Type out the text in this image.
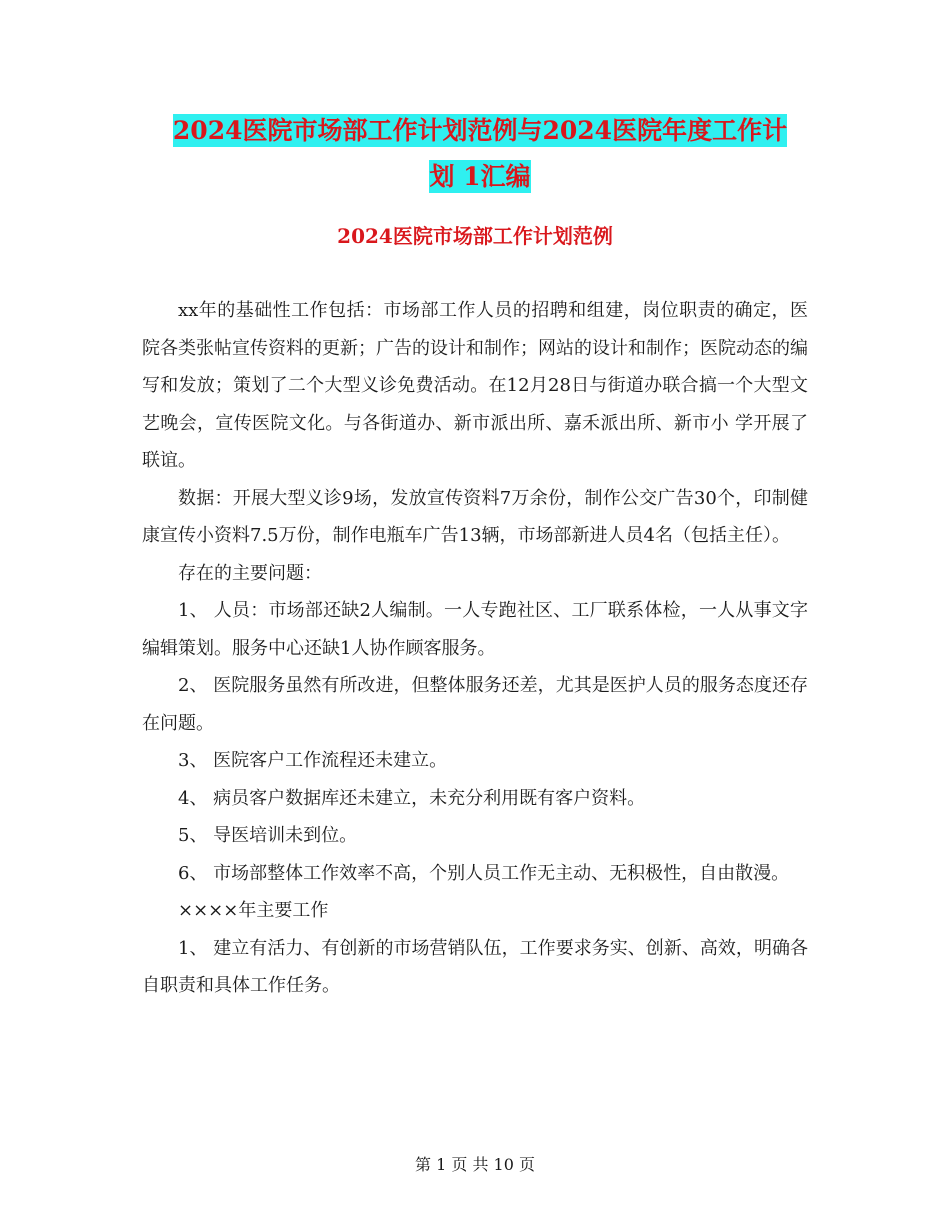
2024医院市场部工作计划范例与2024医院年度工作计
划 1汇编
2024医院市场部工作计划范例

xx年的基础性工作包括：市场部工作人员的招聘和组建，岗位职责的确定，医院各类张帖宣传资料的更新；广告的设计和制作；网站的设计和制作；医院动态的编写和发放；策划了二个大型义诊免费活动。在12月28日与街道办联合搞一个大型文艺晚会，宣传医院文化。与各街道办、新市派出所、嘉禾派出所、新市小 学开展了联谊。

数据：开展大型义诊9场，发放宣传资料7万余份，制作公交广告30个，印制健康宣传小资料7.5万份，制作电瓶车广告13辆，市场部新进人员4名（包括主任）。

存在的主要问题：

1、 人员：市场部还缺2人编制。一人专跑社区、工厂联系体检，一人从事文字编辑策划。服务中心还缺1人协作顾客服务。

2、 医院服务虽然有所改进，但整体服务还差，尤其是医护人员的服务态度还存在问题。

3、 医院客户工作流程还未建立。

4、 病员客户数据库还未建立，未充分利用既有客户资料。

5、 导医培训未到位。

6、 市场部整体工作效率不高，个别人员工作无主动、无积极性，自由散漫。

××××年主要工作

1、 建立有活力、有创新的市场营销队伍，工作要求务实、创新、高效，明确各自职责和具体工作任务。

第 1 页 共 10 页
